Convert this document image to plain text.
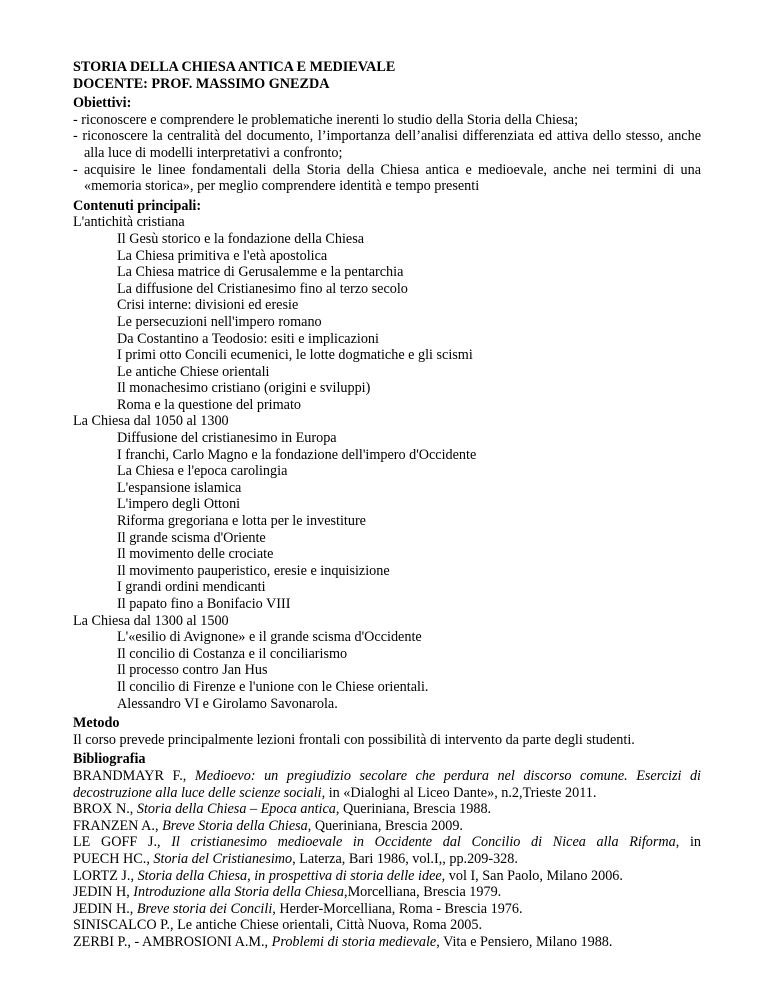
STORIA DELLA CHIESA ANTICA E MEDIEVALE
DOCENTE: PROF. MASSIMO GNEZDA
Obiettivi:
- riconoscere e comprendere le problematiche inerenti lo studio della Storia della Chiesa;
- riconoscere la centralità del documento, l’importanza dell’analisi differenziata ed attiva dello stesso, anche alla luce di modelli interpretativi a confronto;
- acquisire le linee fondamentali della Storia della Chiesa antica e medioevale, anche nei termini di una «memoria storica», per meglio comprendere identità e tempo presenti
Contenuti principali:
L'antichità cristiana
Il Gesù storico e la fondazione della Chiesa
La Chiesa primitiva e l'età apostolica
La Chiesa matrice di Gerusalemme e la pentarchia
La diffusione del Cristianesimo fino al terzo secolo
Crisi interne: divisioni ed eresie
Le persecuzioni nell'impero romano
Da Costantino a Teodosio: esiti e implicazioni
I primi otto Concili ecumenici, le lotte dogmatiche e gli scismi
Le antiche Chiese orientali
Il monachesimo cristiano (origini e sviluppi)
Roma e la questione del primato
La Chiesa dal 1050 al 1300
Diffusione del cristianesimo in Europa
I franchi, Carlo Magno e la fondazione dell'impero d'Occidente
La Chiesa e l'epoca carolingia
L'espansione islamica
L'impero degli Ottoni
Riforma gregoriana e lotta per le investiture
Il grande scisma d'Oriente
Il movimento delle crociate
Il movimento pauperistico, eresie e inquisizione
I grandi ordini mendicanti
Il papato fino a Bonifacio VIII
La Chiesa dal 1300 al 1500
L'«esilio di Avignone» e il grande scisma d'Occidente
Il concilio di Costanza e il conciliarismo
Il processo contro Jan Hus
Il concilio di Firenze e l'unione con le Chiese orientali.
Alessandro VI e Girolamo Savonarola.
Metodo
Il corso prevede principalmente lezioni frontali con possibilità di intervento da parte degli studenti.
Bibliografia
BRANDMAYR F., Medioevo: un pregiudizio secolare che perdura nel discorso comune. Esercizi di decostruzione alla luce delle scienze sociali, in «Dialoghi al Liceo Dante», n.2,Trieste 2011.
BROX N., Storia della Chiesa – Epoca antica, Queriniana, Brescia 1988.
FRANZEN A., Breve Storia della Chiesa, Queriniana, Brescia 2009.
LE GOFF J., Il cristianesimo medioevale in Occidente dal Concilio di Nicea alla Riforma, in
PUECH HC., Storia del Cristianesimo, Laterza, Bari 1986, vol.I,, pp.209-328.
LORTZ J., Storia della Chiesa, in prospettiva di storia delle idee, vol I, San Paolo, Milano 2006.
JEDIN H, Introduzione alla Storia della Chiesa,Morcelliana, Brescia 1979.
JEDIN H., Breve storia dei Concili, Herder-Morcelliana, Roma - Brescia 1976.
SINISCALCO P., Le antiche Chiese orientali, Città Nuova, Roma 2005.
ZERBI P., - AMBROSIONI A.M., Problemi di storia medievale, Vita e Pensiero, Milano 1988.
